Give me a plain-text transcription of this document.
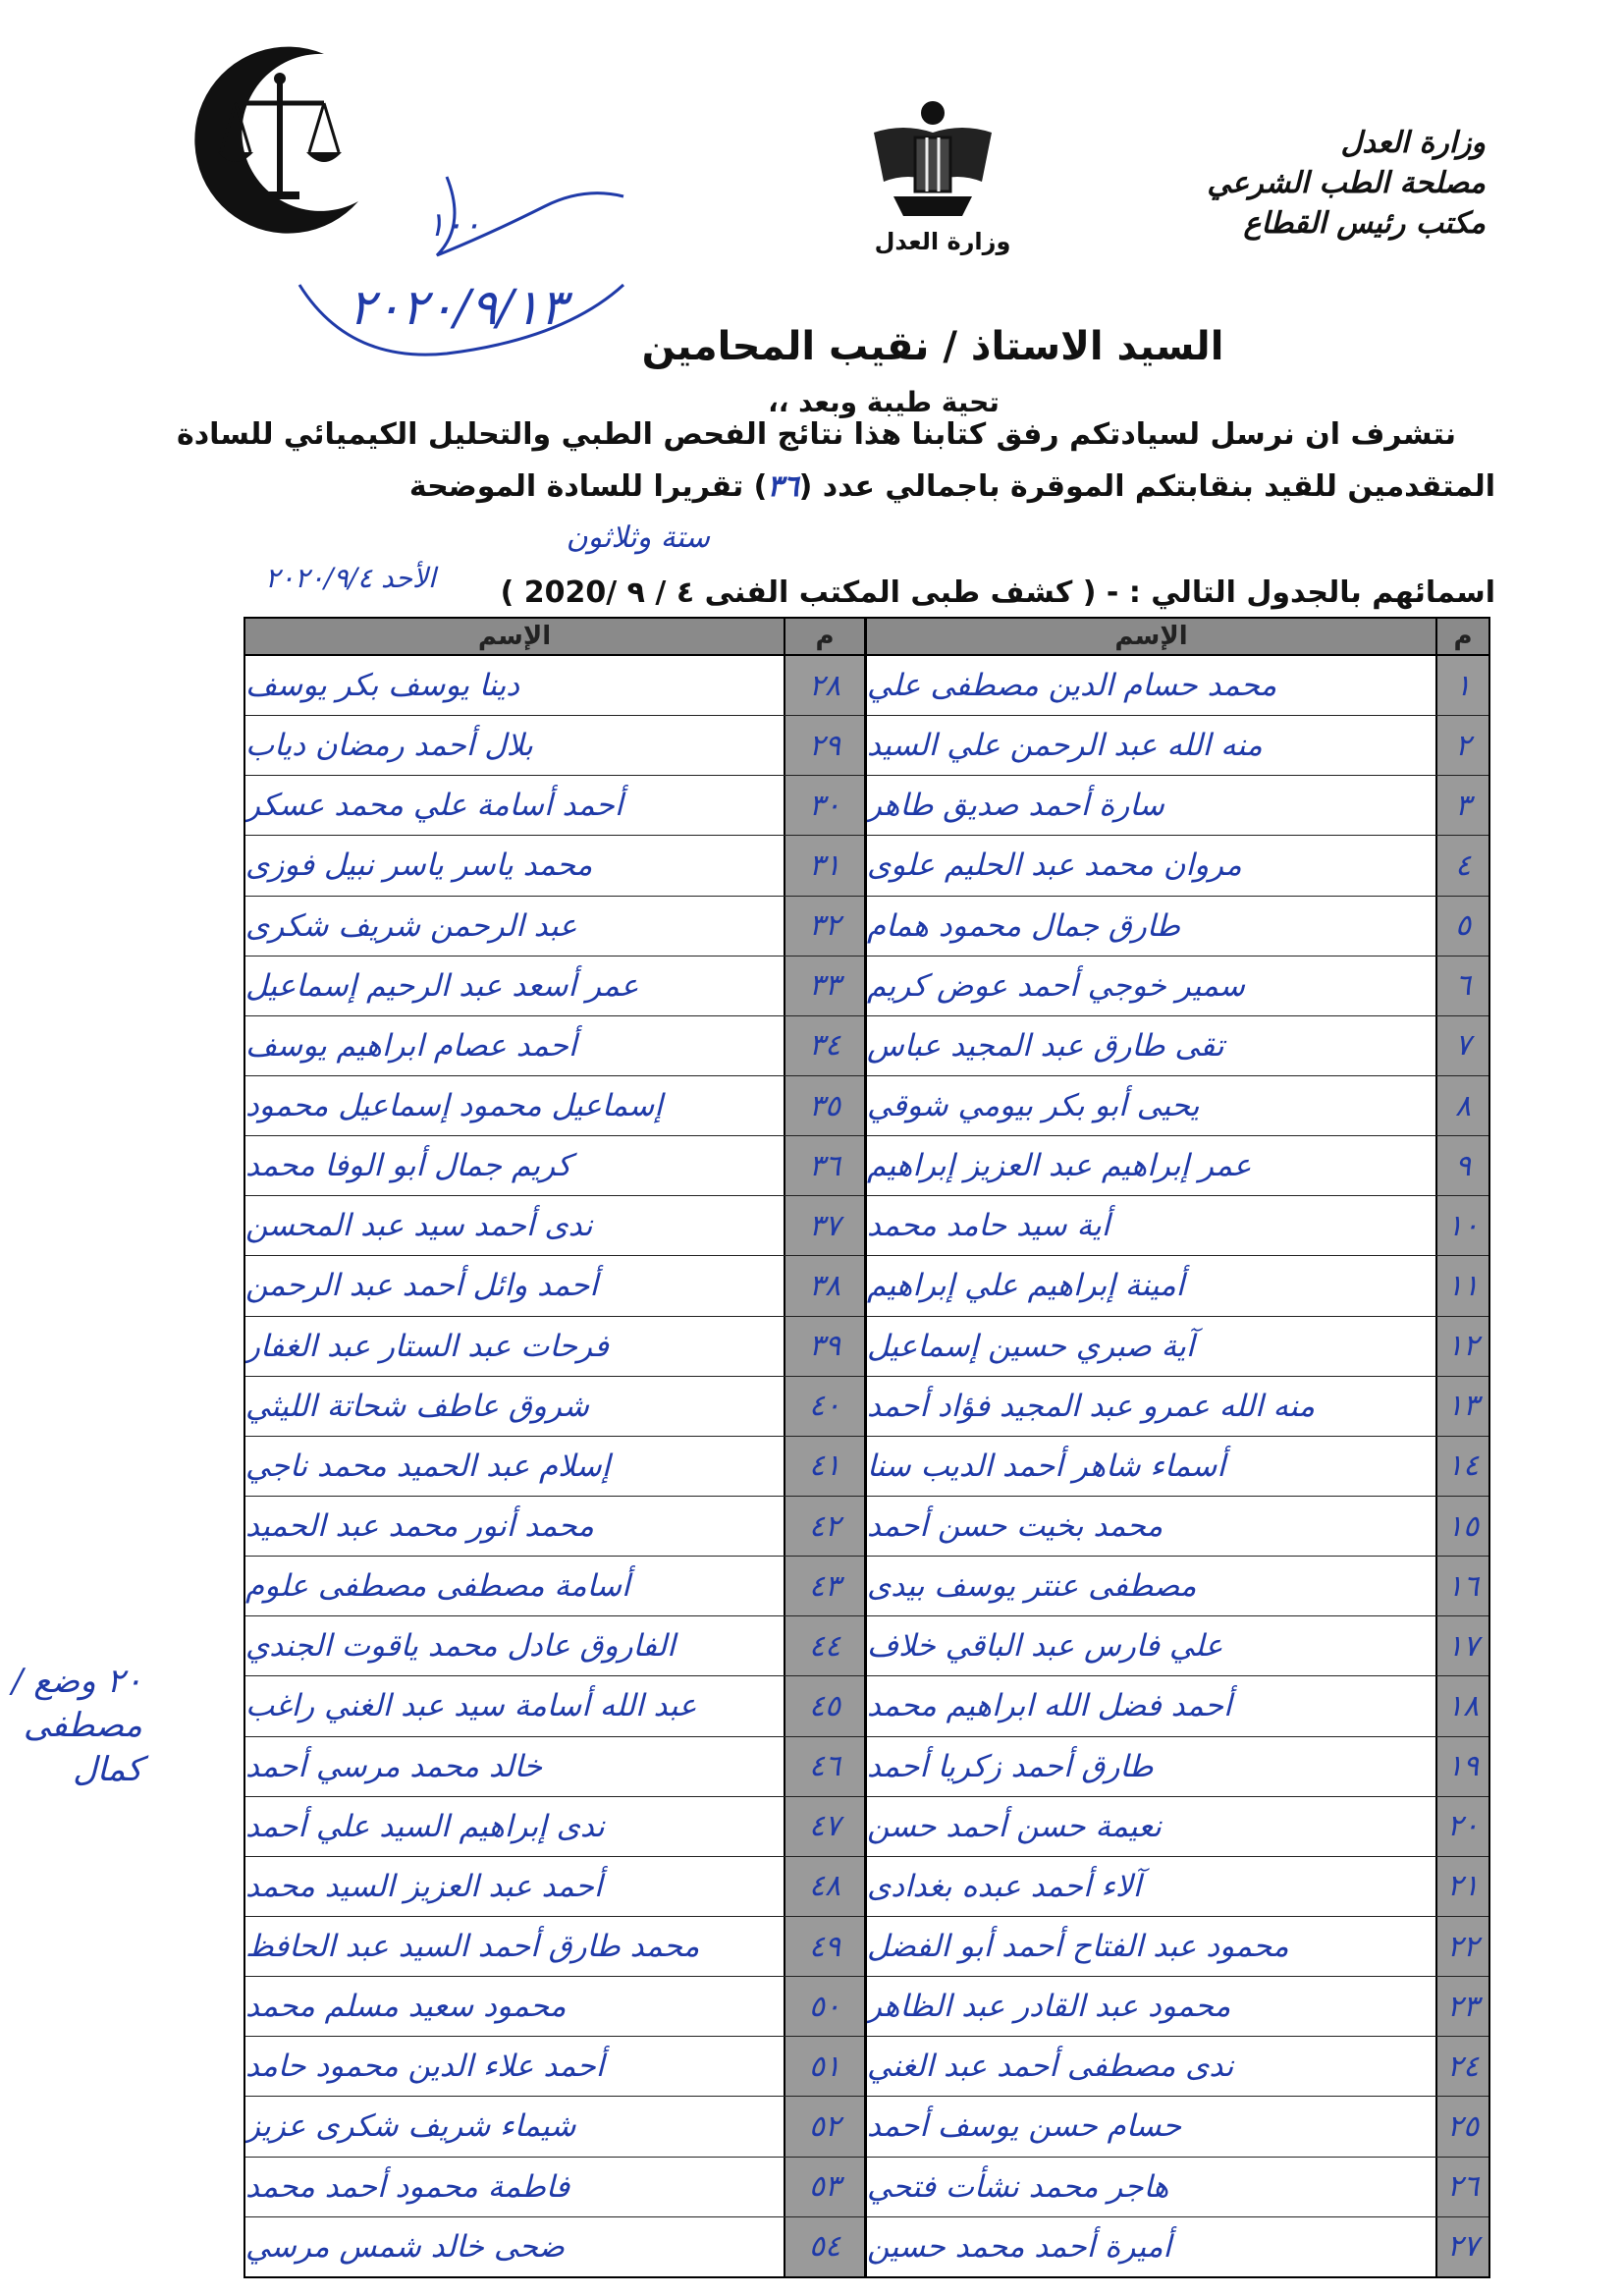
وزارة العدل
وزارة العدل
مصلحة الطب الشرعي
مكتب رئيس القطاع
١٠٠
٢٠٢٠/٩/١٣
السيد الاستاذ / نقيب المحامين
تحية طيبة وبعد ،،
نتشرف ان نرسل لسيادتكم رفق كتابنا هذا نتائج الفحص الطبي والتحليل الكيميائي للسادة
المتقدمين للقيد بنقابتكم الموقرة باجمالي عدد (٣٦) تقريرا للسادة الموضحة
ستة وثلاثون
الأحد ٢٠٢٠/٩/٤ اسمائهم بالجدول التالي : - ( كشف طبى المكتب الفنى ٤ / ٩ /2020 )
٢٠ وضع / مصطفى كمال
الإسم	م
دينا يوسف بكر يوسف	٢٨
بلال أحمد رمضان دياب	٢٩
أحمد أسامة علي محمد عسكر	٣٠
محمد ياسر ياسر نبيل فوزى	٣١
عبد الرحمن شريف شكرى	٣٢
عمر أسعد عبد الرحيم إسماعيل	٣٣
أحمد عصام ابراهيم يوسف	٣٤
إسماعيل محمود إسماعيل محمود	٣٥
كريم جمال أبو الوفا محمد	٣٦
ندى أحمد سيد عبد المحسن	٣٧
أحمد وائل أحمد عبد الرحمن	٣٨
فرحات عبد الستار عبد الغفار	٣٩
شروق عاطف شحاتة الليثي	٤٠
إسلام عبد الحميد محمد ناجي	٤١
محمد أنور محمد عبد الحميد	٤٢
أسامة مصطفى مصطفى علوم	٤٣
الفاروق عادل محمد ياقوت الجندي	٤٤
عبد الله أسامة سيد عبد الغني راغب	٤٥
خالد محمد مرسي أحمد	٤٦
ندى إبراهيم السيد علي أحمد	٤٧
أحمد عبد العزيز السيد محمد	٤٨
محمد طارق أحمد السيد عبد الحافظ	٤٩
محمود سعيد مسلم محمد	٥٠
أحمد علاء الدين محمود حامد	٥١
شيماء شريف شكرى عزيز	٥٢
فاطمة محمود أحمد محمد	٥٣
ضحى خالد شمس مرسي	٥٤
الإسم	م
محمد حسام الدين مصطفى علي	١
منه الله عبد الرحمن علي السيد	٢
سارة أحمد صديق طاهر	٣
مروان محمد عبد الحليم علوى	٤
طارق جمال محمود همام	٥
سمير خوجي أحمد عوض كريم	٦
تقى طارق عبد المجيد عباس	٧
يحيى أبو بكر بيومي شوقي	٨
عمر إبراهيم عبد العزيز إبراهيم	٩
أية سيد حامد محمد	١٠
أمينة إبراهيم علي إبراهيم	١١
آية صبري حسين إسماعيل	١٢
منه الله عمرو عبد المجيد فؤاد أحمد	١٣
أسماء شاهر أحمد الديب سنا	١٤
محمد بخيت حسن أحمد	١٥
مصطفى عنتر يوسف بيدى	١٦
علي فارس عبد الباقي خلاف	١٧
أحمد فضل الله ابراهيم محمد	١٨
طارق أحمد زكريا أحمد	١٩
نعيمة حسن أحمد حسن	٢٠
آلاء أحمد عبده بغدادى	٢١
محمود عبد الفتاح أحمد أبو الفضل	٢٢
محمود عبد القادر عبد الظاهر	٢٣
ندى مصطفى أحمد عبد الغني	٢٤
حسام حسن يوسف أحمد	٢٥
هاجر محمد نشأت فتحي	٢٦
أميرة أحمد محمد حسين	٢٧
